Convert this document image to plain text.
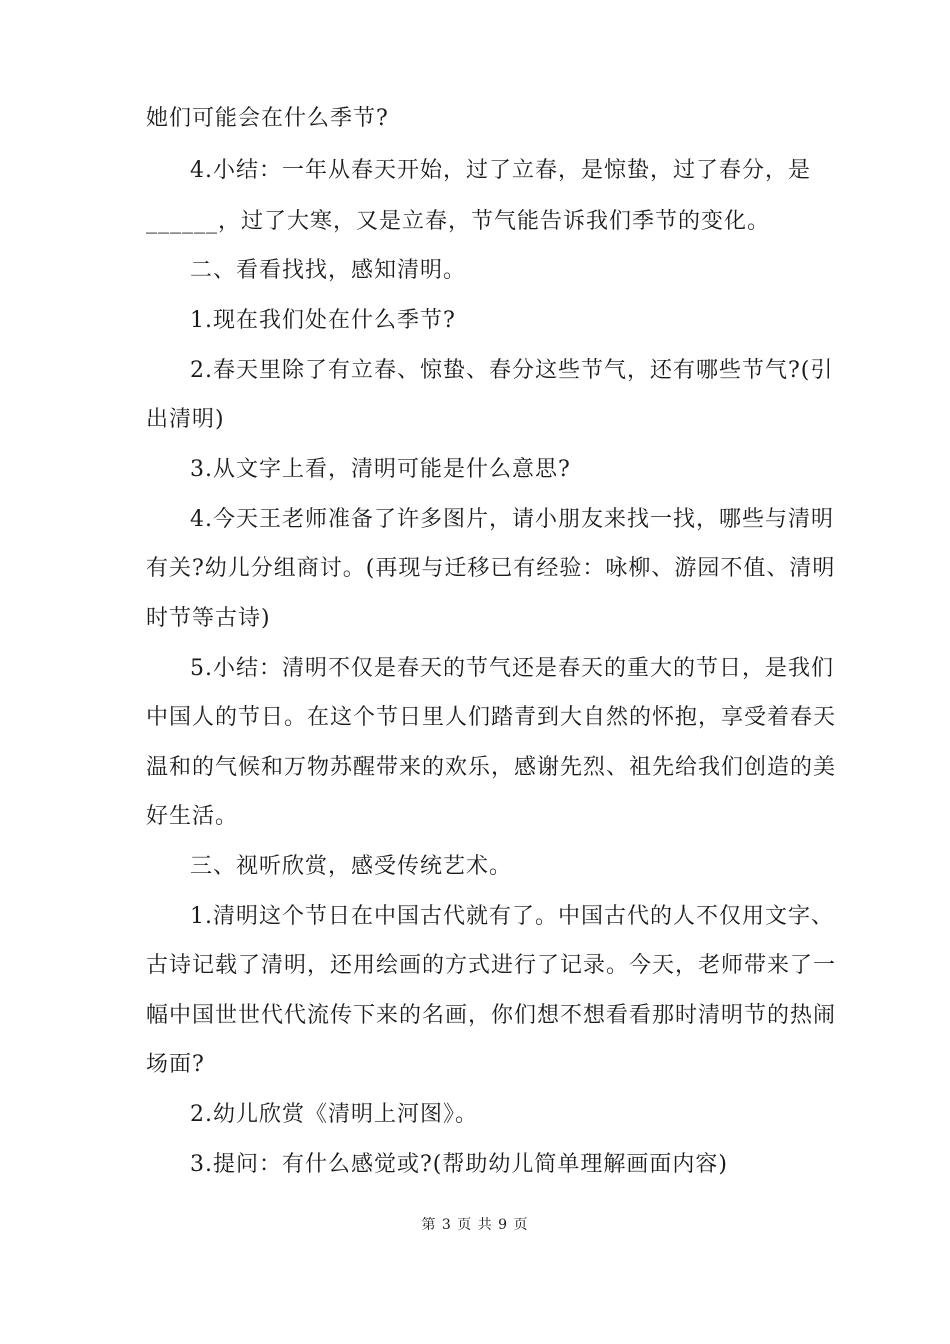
她们可能会在什么季节?
4.小结：一年从春天开始，过了立春，是惊蛰，过了春分，是
______，过了大寒，又是立春，节气能告诉我们季节的变化。
二、看看找找，感知清明。
1.现在我们处在什么季节?
2.春天里除了有立春、惊蛰、春分这些节气，还有哪些节气?(引
出清明)
3.从文字上看，清明可能是什么意思?
4.今天王老师准备了许多图片，请小朋友来找一找，哪些与清明
有关?幼儿分组商讨。(再现与迁移已有经验：咏柳、游园不值、清明
时节等古诗)
5.小结：清明不仅是春天的节气还是春天的重大的节日，是我们
中国人的节日。在这个节日里人们踏青到大自然的怀抱，享受着春天
温和的气候和万物苏醒带来的欢乐，感谢先烈、祖先给我们创造的美
好生活。
三、视听欣赏，感受传统艺术。
1.清明这个节日在中国古代就有了。中国古代的人不仅用文字、
古诗记载了清明，还用绘画的方式进行了记录。今天，老师带来了一
幅中国世世代代流传下来的名画，你们想不想看看那时清明节的热闹
场面?
2.幼儿欣赏《清明上河图》。
3.提问：有什么感觉或?(帮助幼儿简单理解画面内容)
第 3 页 共 9 页
